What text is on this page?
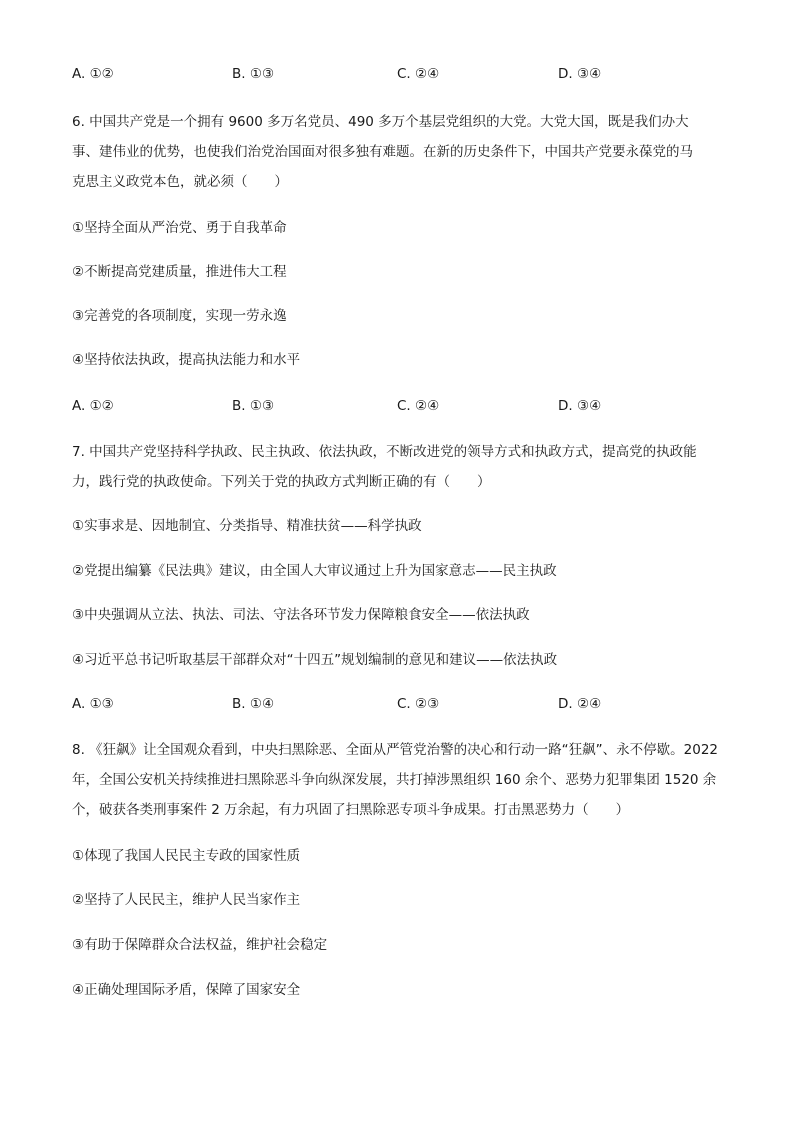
A. ①②	B. ①③	C. ②④	D. ③④
6. 中国共产党是一个拥有 9600 多万名党员、490 多万个基层党组织的大党。大党大国，既是我们办大
事、建伟业的优势，也使我们治党治国面对很多独有难题。在新的历史条件下，中国共产党要永葆党的马
克思主义政党本色，就必须（　　）
①坚持全面从严治党、勇于自我革命
②不断提高党建质量，推进伟大工程
③完善党的各项制度，实现一劳永逸
④坚持依法执政，提高执法能力和水平
A. ①②	B. ①③	C. ②④	D. ③④
7. 中国共产党坚持科学执政、民主执政、依法执政，不断改进党的领导方式和执政方式，提高党的执政能
力，践行党的执政使命。下列关于党的执政方式判断正确的有（　　）
①实事求是、因地制宜、分类指导、精准扶贫——科学执政
②党提出编纂《民法典》建议，由全国人大审议通过上升为国家意志——民主执政
③中央强调从立法、执法、司法、守法各环节发力保障粮食安全——依法执政
④习近平总书记听取基层干部群众对“十四五”规划编制的意见和建议——依法执政
A. ①③	B. ①④	C. ②③	D. ②④
8. 《狂飙》让全国观众看到，中央扫黑除恶、全面从严管党治警的决心和行动一路“狂飙”、永不停歇。2022
年，全国公安机关持续推进扫黑除恶斗争向纵深发展，共打掉涉黑组织 160 余个、恶势力犯罪集团 1520 余
个，破获各类刑事案件 2 万余起，有力巩固了扫黑除恶专项斗争成果。打击黑恶势力（　　）
①体现了我国人民民主专政的国家性质
②坚持了人民民主，维护人民当家作主
③有助于保障群众合法权益，维护社会稳定
④正确处理国际矛盾，保障了国家安全
